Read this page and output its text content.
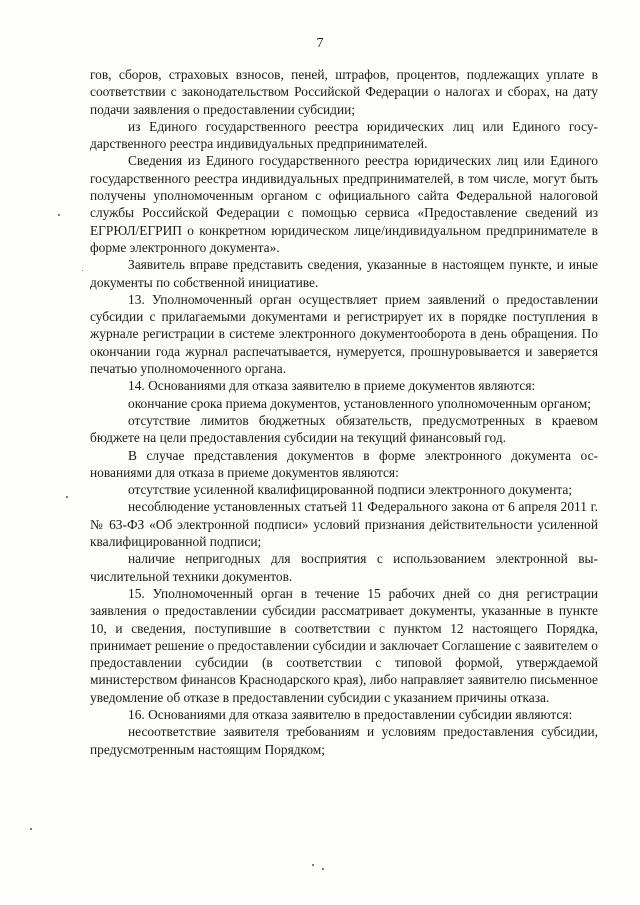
7

гов, сборов, страховых взносов, пеней, штрафов, процентов, подлежащих уплате в соответствии с законодательством Российской Федерации о налогах и сборах, на дату подачи заявления о предоставлении субсидии;

из Единого государственного реестра юридических лиц или Единого государственного реестра индивидуальных предпринимателей.

Сведения из Единого государственного реестра юридических лиц или Единого государственного реестра индивидуальных предпринимателей, в том числе, могут быть получены уполномоченным органом с официального сайта Федеральной налоговой службы Российской Федерации с помощью сервиса «Предоставление сведений из ЕГРЮЛ/ЕГРИП о конкретном юридическом лице/индивидуальном предпринимателе в форме электронного документа».

Заявитель вправе представить сведения, указанные в настоящем пункте, и иные документы по собственной инициативе.

13. Уполномоченный орган осуществляет прием заявлений о предоставлении субсидии с прилагаемыми документами и регистрирует их в порядке поступления в журнале регистрации в системе электронного документооборота в день обращения. По окончании года журнал распечатывается, нумеруется, прошнуровывается и заверяется печатью уполномоченного органа.

14. Основаниями для отказа заявителю в приеме документов являются:

окончание срока приема документов, установленного уполномоченным органом;

отсутствие лимитов бюджетных обязательств, предусмотренных в краевом бюджете на цели предоставления субсидии на текущий финансовый год.

В случае представления документов в форме электронного документа основаниями для отказа в приеме документов являются:

отсутствие усиленной квалифицированной подписи электронного документа;

несоблюдение установленных статьей 11 Федерального закона от 6 апреля 2011 г. № 63-ФЗ «Об электронной подписи» условий признания действительности усиленной квалифицированной подписи;

наличие непригодных для восприятия с использованием электронной вычислительной техники документов.

15. Уполномоченный орган в течение 15 рабочих дней со дня регистрации заявления о предоставлении субсидии рассматривает документы, указанные в пункте 10, и сведения, поступившие в соответствии с пунктом 12 настоящего Порядка, принимает решение о предоставлении субсидии и заключает Соглашение с заявителем о предоставлении субсидии (в соответствии с типовой формой, утверждаемой министерством финансов Краснодарского края), либо направляет заявителю письменное уведомление об отказе в предоставлении субсидии с указанием причины отказа.

16. Основаниями для отказа заявителю в предоставлении субсидии являются:

несоответствие заявителя требованиям и условиям предоставления субсидии, предусмотренным настоящим Порядком;
